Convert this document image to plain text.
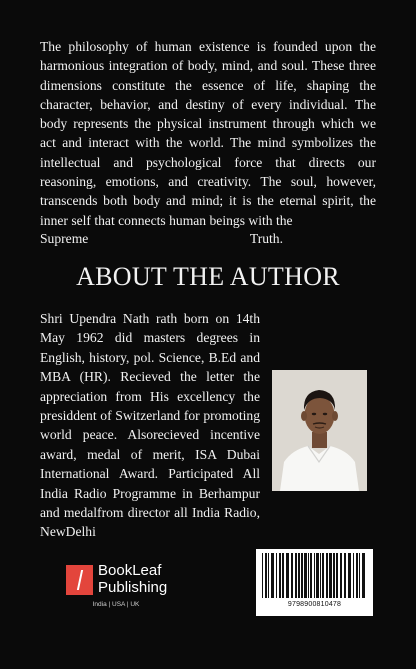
The philosophy of human existence is founded upon the harmonious integration of body, mind, and soul. These three dimensions constitute the essence of life, shaping the character, behavior, and destiny of every individual. The body represents the physical instrument through which we act and interact with the world. The mind symbolizes the intellectual and psychological force that directs our reasoning, emotions, and creativity. The soul, however, transcends both body and mind; it is the eternal spirit, the inner self that connects human beings with the

Supreme	Truth.
ABOUT THE AUTHOR

Shri Upendra Nath rath born on 14th May 1962 did masters degrees in English, history, pol. Science, B.Ed and MBA (HR). Recieved the letter the appreciation from His excellency the presiddent of Switzerland for promoting world peace. Alsorecieved incentive award, medal of merit, ISA Dubai International Award. Participated All India Radio Programme in Berhampur and medalfrom director all India Radio, NewDelhi

BookLeaf
Publishing
India | USA | UK	9798900810478
